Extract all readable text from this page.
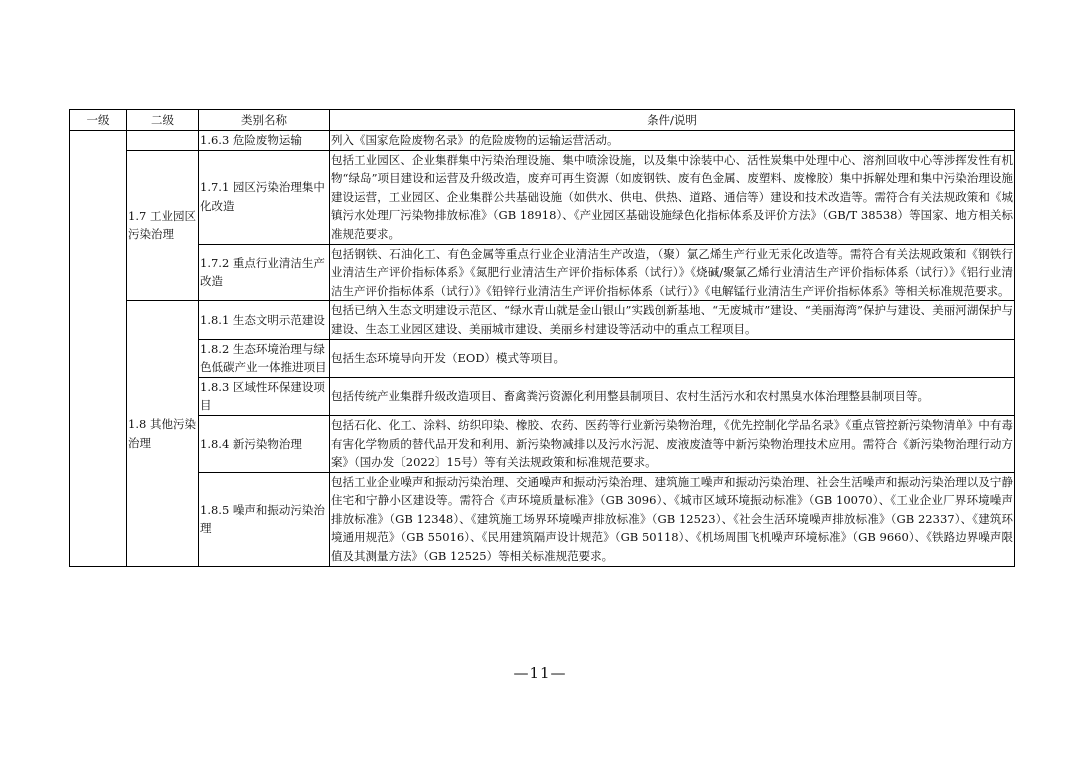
一级	二级	类别名称	条件/说明
		1.6.3 危险废物运输	列入《国家危险废物名录》的危险废物的运输运营活动。
	1.7 工业园区污染治理	1.7.1 园区污染治理集中化改造	包括工业园区、企业集群集中污染治理设施、集中喷涂设施，以及集中涂装中心、活性炭集中处理中心、溶剂回收中心等涉挥发性有机物“绿岛”项目建设和运营及升级改造，废弃可再生资源（如废钢铁、废有色金属、废塑料、废橡胶）集中拆解处理和集中污染治理设施建设运营，工业园区、企业集群公共基础设施（如供水、供电、供热、道路、通信等）建设和技术改造等。需符合有关法规政策和《城镇污水处理厂污染物排放标准》（GB 18918）、《产业园区基础设施绿色化指标体系及评价方法》（GB/T 38538）等国家、地方相关标准规范要求。
		1.7.2 重点行业清洁生产改造	包括钢铁、石油化工、有色金属等重点行业企业清洁生产改造，（聚）氯乙烯生产行业无汞化改造等。需符合有关法规政策和《钢铁行业清洁生产评价指标体系》《氮肥行业清洁生产评价指标体系（试行）》《烧碱/聚氯乙烯行业清洁生产评价指标体系（试行）》《铝行业清洁生产评价指标体系（试行）》《铅锌行业清洁生产评价指标体系（试行）》《电解锰行业清洁生产评价指标体系》等相关标准规范要求。
	1.8 其他污染治理	1.8.1 生态文明示范建设	包括已纳入生态文明建设示范区、“绿水青山就是金山银山”实践创新基地、“无废城市”建设、“美丽海湾”保护与建设、美丽河湖保护与建设、生态工业园区建设、美丽城市建设、美丽乡村建设等活动中的重点工程项目。
		1.8.2 生态环境治理与绿色低碳产业一体推进项目	包括生态环境导向开发（EOD）模式等项目。
		1.8.3 区域性环保建设项目	包括传统产业集群升级改造项目、畜禽粪污资源化利用整县制项目、农村生活污水和农村黑臭水体治理整县制项目等。
		1.8.4 新污染物治理	包括石化、化工、涂料、纺织印染、橡胶、农药、医药等行业新污染物治理，《优先控制化学品名录》《重点管控新污染物清单》中有毒有害化学物质的替代品开发和利用、新污染物减排以及污水污泥、废液废渣等中新污染物治理技术应用。需符合《新污染物治理行动方案》（国办发〔2022〕15号）等有关法规政策和标准规范要求。
		1.8.5 噪声和振动污染治理	包括工业企业噪声和振动污染治理、交通噪声和振动污染治理、建筑施工噪声和振动污染治理、社会生活噪声和振动污染治理以及宁静住宅和宁静小区建设等。需符合《声环境质量标准》（GB 3096）、《城市区域环境振动标准》（GB 10070）、《工业企业厂界环境噪声排放标准》（GB 12348）、《建筑施工场界环境噪声排放标准》（GB 12523）、《社会生活环境噪声排放标准》（GB 22337）、《建筑环境通用规范》（GB 55016）、《民用建筑隔声设计规范》（GB 50118）、《机场周围飞机噪声环境标准》（GB 9660）、《铁路边界噪声限值及其测量方法》（GB 12525）等相关标准规范要求。
—11—
